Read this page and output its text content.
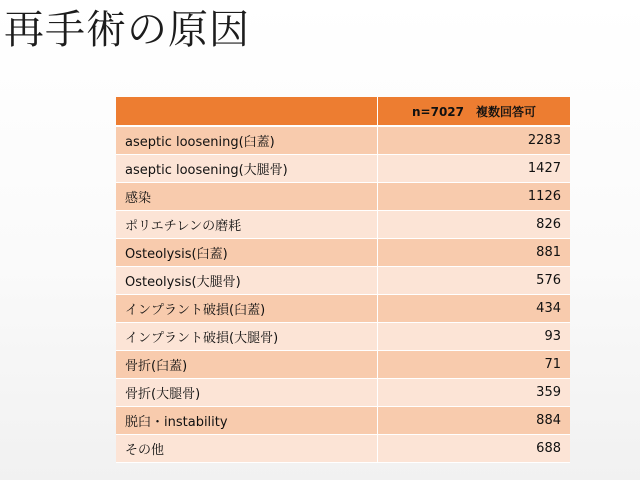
再手術の原因
	n=7027　複数回答可
aseptic loosening(臼蓋)	2283
aseptic loosening(大腿骨)	1427
感染	1126
ポリエチレンの磨耗	826
Osteolysis(臼蓋)	881
Osteolysis(大腿骨)	576
インプラント破損(臼蓋)	434
インプラント破損(大腿骨)	93
骨折(臼蓋)	71
骨折(大腿骨)	359
脱臼・instability	884
その他	688
